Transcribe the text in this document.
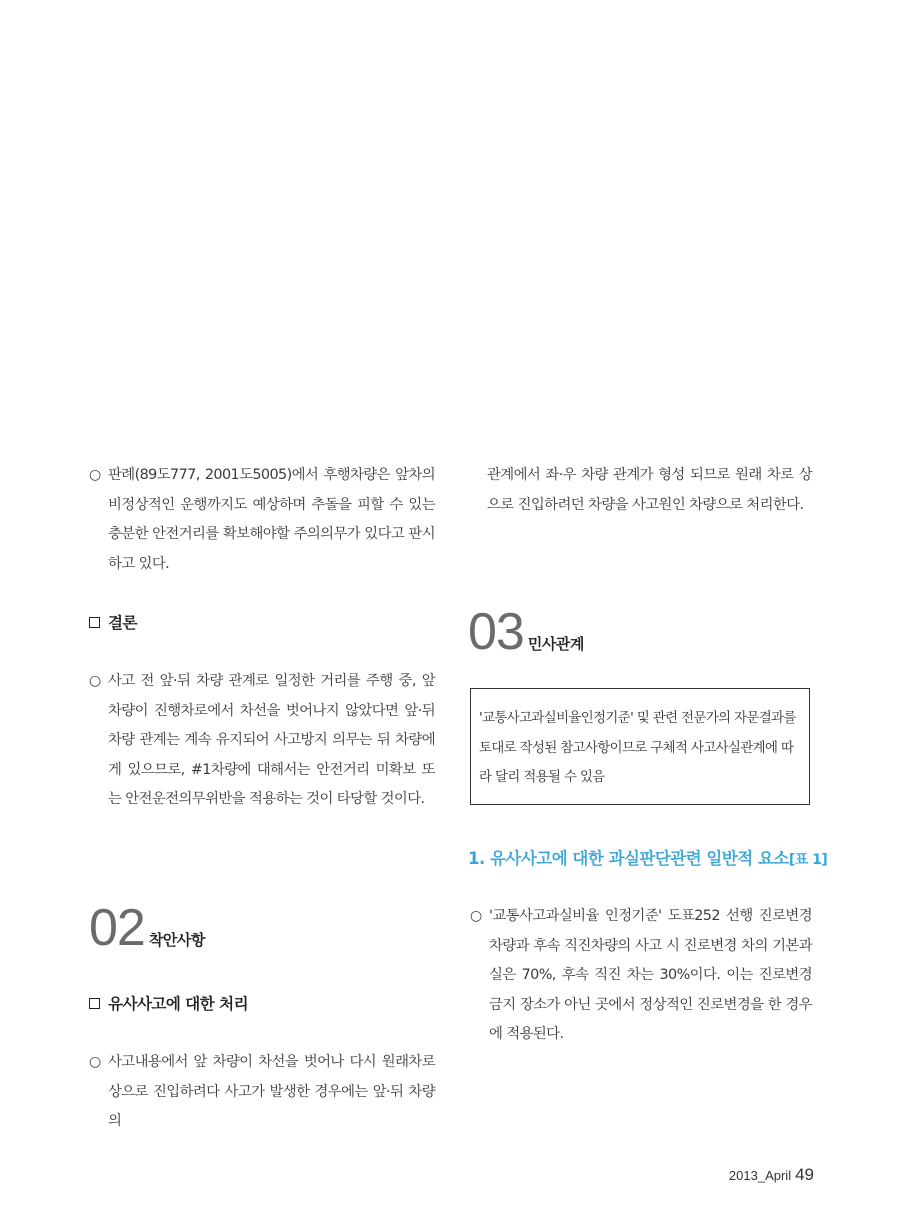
○ 판례(89도777, 2001도5005)에서 후행차량은 앞차의 비정상적인 운행까지도 예상하며 추돌을 피할 수 있는 충분한 안전거리를 확보해야할 주의의무가 있다고 판시하고 있다.
결론
○ 사고 전 앞·뒤 차량 관계로 일정한 거리를 주행 중, 앞 차량이 진행차로에서 차선을 벗어나지 않았다면 앞·뒤 차량 관계는 계속 유지되어 사고방지 의무는 뒤 차량에게 있으므로, #1차량에 대해서는 안전거리 미확보 또는 안전운전의무위반을 적용하는 것이 타당할 것이다.
02 착안사항
유사사고에 대한 처리
○ 사고내용에서 앞 차량이 차선을 벗어나 다시 원래차로 상으로 진입하려다 사고가 발생한 경우에는 앞·뒤 차량의
관계에서 좌·우 차량 관계가 형성 되므로 원래 차로 상으로 진입하려던 차량을 사고원인 차량으로 처리한다.
03 민사관계
'교통사고과실비율인정기준' 및 관련 전문가의 자문결과를 토대로 작성된 참고사항이므로 구체적 사고사실관계에 따라 달리 적용될 수 있음
1. 유사사고에 대한 과실판단관련 일반적 요소[표 1]
○ '교통사고과실비율 인정기준' 도표252 선행 진로변경 차량과 후속 직진차량의 사고 시 진로변경 차의 기본과실은 70%, 후속 직진 차는 30%이다. 이는 진로변경 금지 장소가 아닌 곳에서 정상적인 진로변경을 한 경우에 적용된다.
2013_April 49
